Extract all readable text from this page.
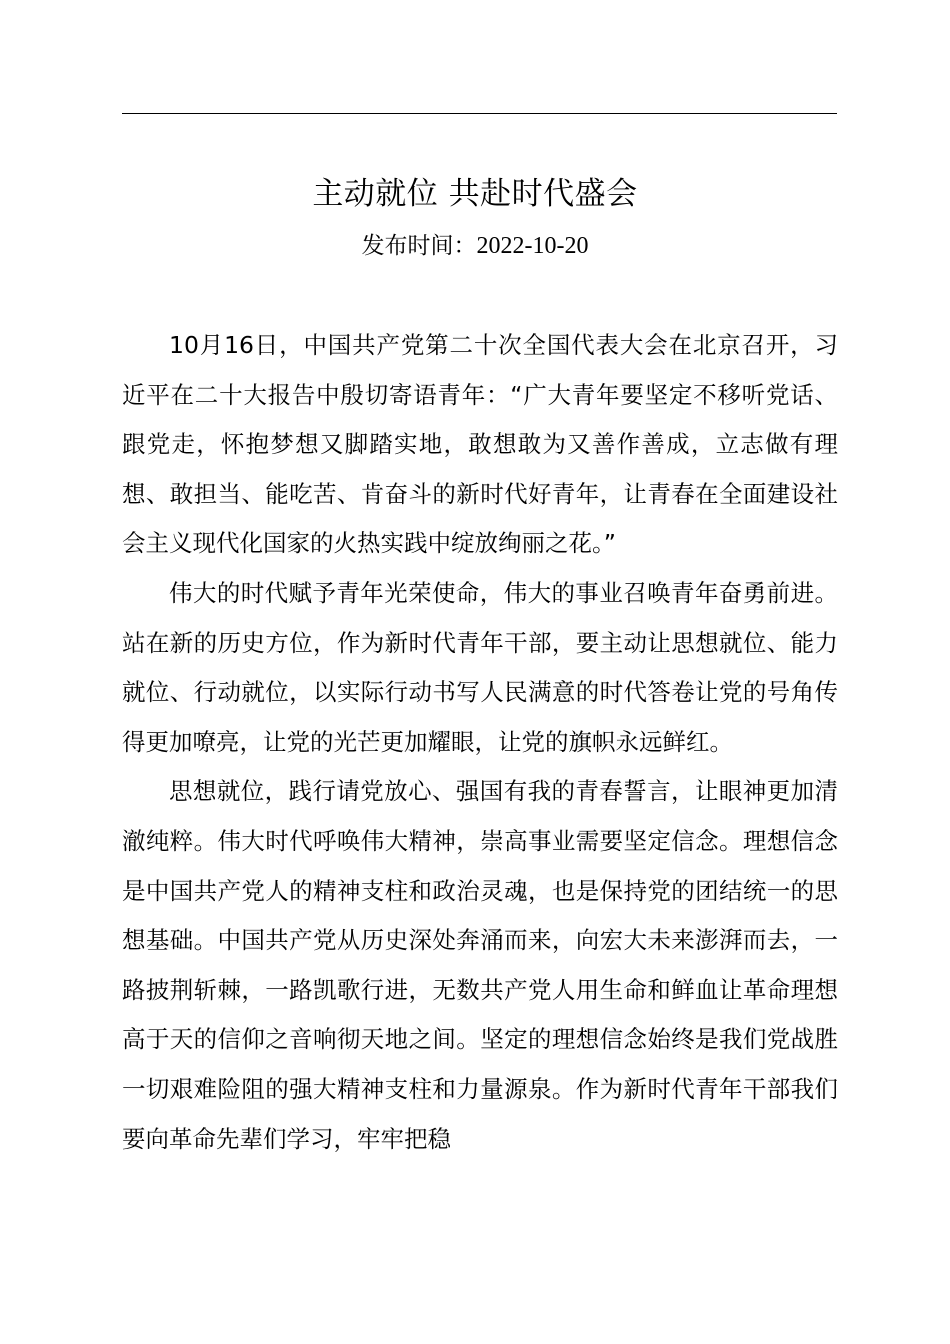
主动就位 共赴时代盛会
发布时间：2022-10-20

10月16日，中国共产党第二十次全国代表大会在北京召开，习近平在二十大报告中殷切寄语青年：“广大青年要坚定不移听党话、跟党走，怀抱梦想又脚踏实地，敢想敢为又善作善成，立志做有理想、敢担当、能吃苦、肯奋斗的新时代好青年，让青春在全面建设社会主义现代化国家的火热实践中绽放绚丽之花。”

伟大的时代赋予青年光荣使命，伟大的事业召唤青年奋勇前进。站在新的历史方位，作为新时代青年干部，要主动让思想就位、能力就位、行动就位，以实际行动书写人民满意的时代答卷让党的号角传得更加嘹亮，让党的光芒更加耀眼，让党的旗帜永远鲜红。

思想就位，践行请党放心、强国有我的青春誓言，让眼神更加清澈纯粹。伟大时代呼唤伟大精神，崇高事业需要坚定信念。理想信念是中国共产党人的精神支柱和政治灵魂，也是保持党的团结统一的思想基础。中国共产党从历史深处奔涌而来，向宏大未来澎湃而去，一路披荆斩棘，一路凯歌行进，无数共产党人用生命和鲜血让革命理想高于天的信仰之音响彻天地之间。坚定的理想信念始终是我们党战胜一切艰难险阻的强大精神支柱和力量源泉。作为新时代青年干部我们要向革命先辈们学习，牢牢把稳
